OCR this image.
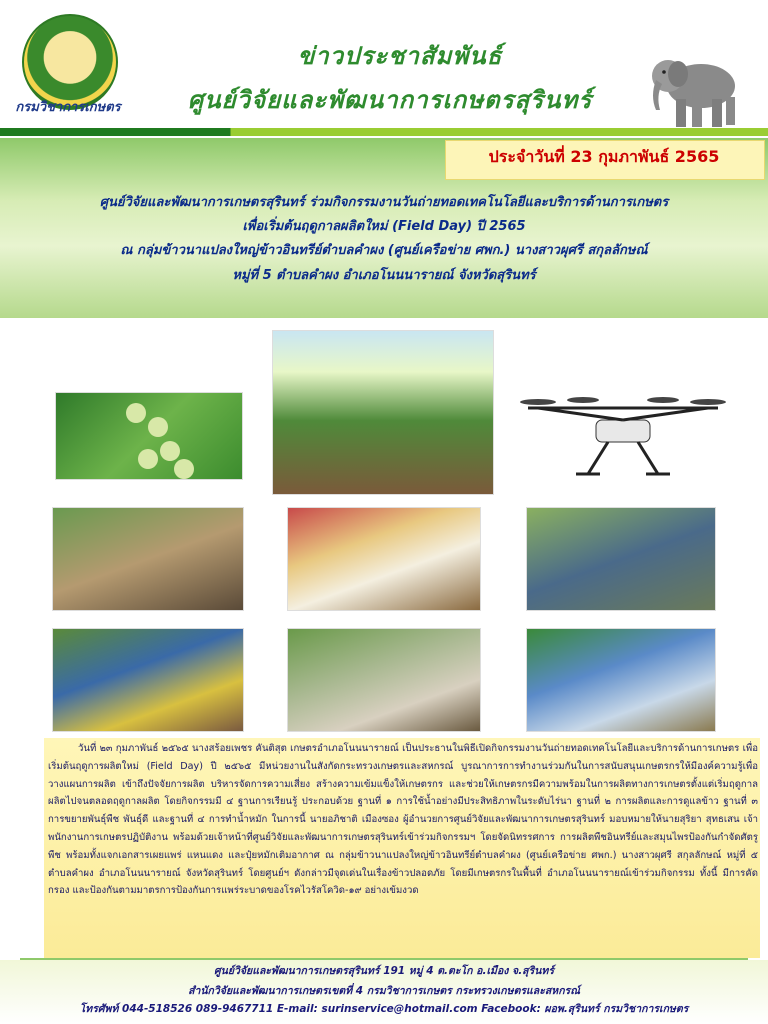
กรมวิชาการเกษตร
ข่าวประชาสัมพันธ์
ศูนย์วิจัยและพัฒนาการเกษตรสุรินทร์
ประจำวันที่ 23 กุมภาพันธ์ 2565
ศูนย์วิจัยและพัฒนาการเกษตรสุรินทร์ ร่วมกิจกรรมงานวันถ่ายทอดเทคโนโลยีและบริการด้านการเกษตร
เพื่อเริ่มต้นฤดูกาลผลิตใหม่ (Field Day) ปี 2565
ณ กลุ่มข้าวนาแปลงใหญ่ข้าวอินทรีย์ตำบลคำผง (ศูนย์เครือข่าย ศพก.) นางสาวผุศรี สกุลลักษณ์
หมู่ที่ 5 ตำบลคำผง อำเภอโนนนารายณ์ จังหวัดสุรินทร์
วันที่ ๒๓ กุมภาพันธ์ ๒๕๖๕ นางสร้อยเพชร คันติสุต เกษตรอำเภอโนนนารายณ์ เป็นประธานในพิธีเปิดกิจกรรมงานวันถ่ายทอดเทคโนโลยีและบริการด้านการเกษตร เพื่อเริ่มต้นฤดูการผลิตใหม่ (Field Day) ปี ๒๕๖๕ มีหน่วยงานในสังกัดกระทรวงเกษตรและสหกรณ์ บูรณาการการทำงานร่วมกันในการสนับสนุนเกษตรกรให้มีองค์ความรู้เพื่อวางแผนการผลิต เข้าถึงปัจจัยการผลิต บริหารจัดการความเสี่ยง สร้างความเข้มแข็งให้เกษตรกร และช่วยให้เกษตรกรมีความพร้อมในการผลิตทางการเกษตรตั้งแต่เริ่มฤดูกาลผลิตไปจนตลอดฤดูกาลผลิต โดยกิจกรรมมี ๔ ฐานการเรียนรู้ ประกอบด้วย ฐานที่ ๑ การใช้น้ำอย่างมีประสิทธิภาพในระดับไร่นา ฐานที่ ๒ การผลิตและการดูแลข้าว ฐานที่ ๓ การขยายพันธุ์พืช พันธุ์ดี และฐานที่ ๔ การทำน้ำหมัก ในการนี้ นายอภิชาติ เมืองซอง ผู้อำนวยการศูนย์วิจัยและพัฒนาการเกษตรสุรินทร์ มอบหมายให้นายสุริยา สุทธเสน เจ้าพนักงานการเกษตรปฏิบัติงาน พร้อมด้วยเจ้าหน้าที่ศูนย์วิจัยและพัฒนาการเกษตรสุรินทร์เข้าร่วมกิจกรรมฯ โดยจัดนิทรรศการ การผลิตพืชอินทรีย์และสมุนไพรป้องกันกำจัดศัตรูพืช พร้อมทั้งแจกเอกสารเผยแพร่ แหนแดง และปุ๋ยหมักเติมอากาศ ณ กลุ่มข้าวนาแปลงใหญ่ข้าวอินทรีย์ตำบลคำผง (ศูนย์เครือข่าย ศพก.) นางสาวผุศรี สกุลลักษณ์ หมู่ที่ ๕ ตำบลคำผง อำเภอโนนนารายณ์ จังหวัดสุรินทร์ โดยศูนย์ฯ ดังกล่าวมีจุดเด่นในเรื่องข้าวปลอดภัย โดยมีเกษตรกรในพื้นที่ อำเภอโนนนารายณ์เข้าร่วมกิจกรรม ทั้งนี้ มีการคัดกรอง และป้องกันตามมาตรการป้องกันการแพร่ระบาดของโรคไวรัสโควิด-๑๙ อย่างเข้มงวด
ศูนย์วิจัยและพัฒนาการเกษตรสุรินทร์ 191 หมู่ 4 ต.ตะโก อ.เมือง จ.สุรินทร์
สำนักวิจัยและพัฒนาการเกษตรเขตที่ 4 กรมวิชาการเกษตร กระทรวงเกษตรและสหกรณ์
โทรศัพท์ 044-518526 089-9467711 E-mail: surinservice@hotmail.com Facebook: ผอพ.สุรินทร์ กรมวิชาการเกษตร
